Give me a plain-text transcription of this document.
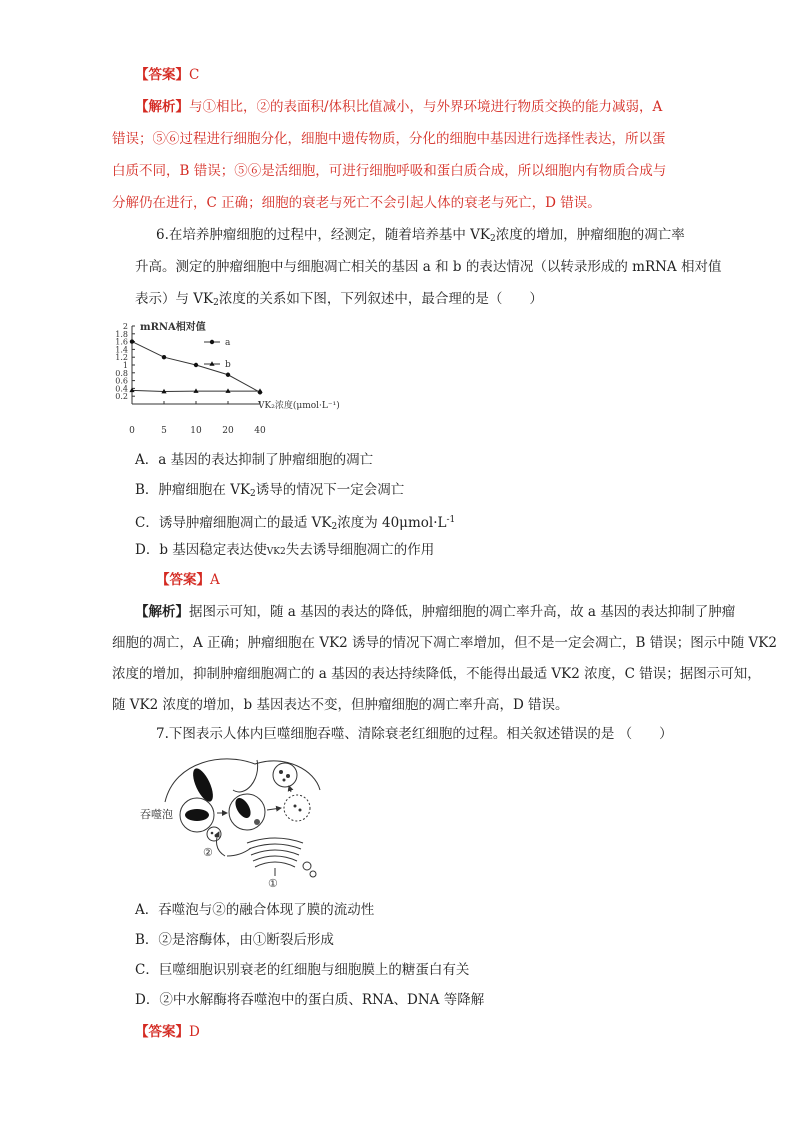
【答案】C
【解析】与①相比，②的表面积/体积比值减小，与外界环境进行物质交换的能力减弱，A
错误；⑤⑥过程进行细胞分化，细胞中遗传物质，分化的细胞中基因进行选择性表达，所以蛋
白质不同，B 错误；⑤⑥是活细胞，可进行细胞呼吸和蛋白质合成，所以细胞内有物质合成与
分解仍在进行，C 正确；细胞的衰老与死亡不会引起人体的衰老与死亡，D 错误。
6.在培养肿瘤细胞的过程中，经测定，随着培养基中 $VK_2$浓度的增加，肿瘤细胞的凋亡率
升高。测定的肿瘤细胞中与细胞凋亡相关的基因 a 和 b 的表达情况（以转录形成的 mRNA 相对值
表示）与 $VK_2$浓度的关系如下图，下列叙述中，最合理的是（　　）
mRNA相对值
a
b
VK₂浓度(μmol·L⁻¹)
2
1.8
1.6
1.4
1.2
1
0.8
0.6
0.4
0.2
0	5	10 20 40
A．a 基因的表达抑制了肿瘤细胞的凋亡
B．肿瘤细胞在 $VK_2$诱导的情况下一定会凋亡
C．诱导肿瘤细胞凋亡的最适 $VK_2$浓度为 $40\mu mol\cdot L^{-1}$
D．b 基因稳定表达使VK2失去诱导细胞凋亡的作用
【答案】A
【解析】据图示可知，随 a 基因的表达的降低，肿瘤细胞的凋亡率升高，故 a 基因的表达抑制了肿瘤
细胞的凋亡，A 正确；肿瘤细胞在 VK2 诱导的情况下凋亡率增加，但不是一定会凋亡，B 错误；图示中随 VK2
浓度的增加，抑制肿瘤细胞凋亡的 a 基因的表达持续降低，不能得出最适 VK2 浓度，C 错误；据图示可知，
随 VK2 浓度的增加，b 基因表达不变，但肿瘤细胞的凋亡率升高，D 错误。
7.下图表示人体内巨噬细胞吞噬、清除衰老红细胞的过程。相关叙述错误的是 （　　）
吞噬泡
②
①
A．吞噬泡与②的融合体现了膜的流动性
B．②是溶酶体，由①断裂后形成
C．巨噬细胞识别衰老的红细胞与细胞膜上的糖蛋白有关
D．②中水解酶将吞噬泡中的蛋白质、RNA、DNA 等降解
【答案】D
